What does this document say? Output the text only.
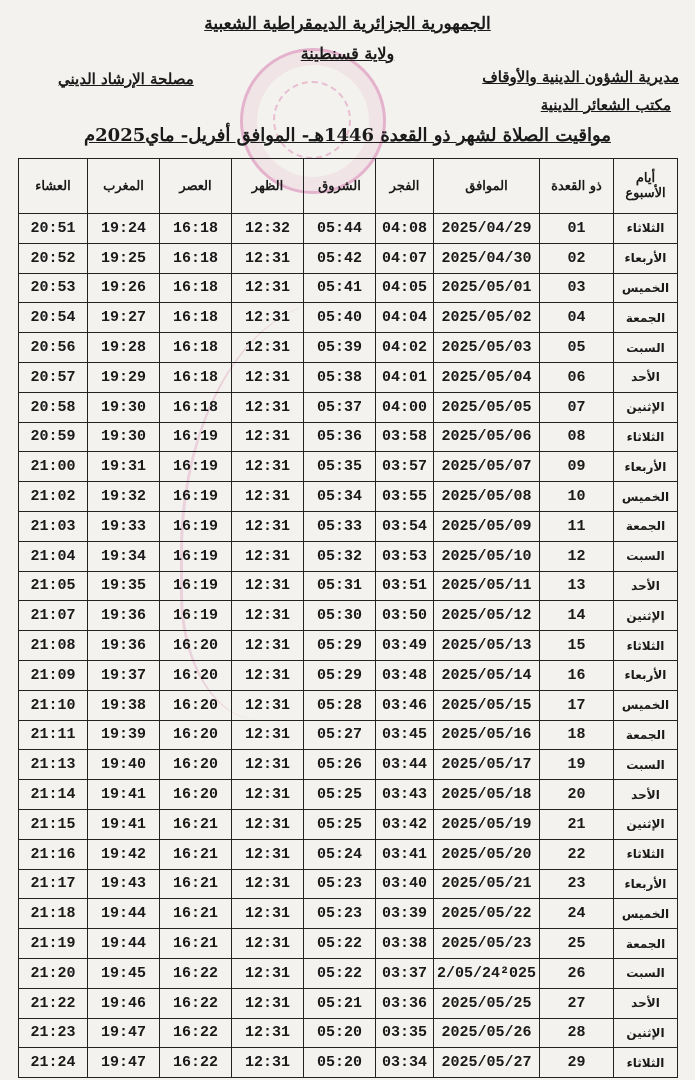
الجمهورية الجزائرية الديمقراطية الشعبية
ولاية قسنطينة
مصلحة الإرشاد الديني	مديرية الشؤون الدينية والأوقاف
مكتب الشعائر الدينية
مواقيت الصلاة لشهر ذو القعدة 1446هـ- الموافق أفريل- ماي2025م
أيام الأسبوع	ذو القعدة	الموافق	الفجر	الشروق	الظهر	العصر	المغرب	العشاء
الثلاثاء	01	2025/04/29	04:08	05:44	12:32	16:18	19:24	20:51
الأربعاء	02	2025/04/30	04:07	05:42	12:31	16:18	19:25	20:52
الخميس	03	2025/05/01	04:05	05:41	12:31	16:18	19:26	20:53
الجمعة	04	2025/05/02	04:04	05:40	12:31	16:18	19:27	20:54
السبت	05	2025/05/03	04:02	05:39	12:31	16:18	19:28	20:56
الأحد	06	2025/05/04	04:01	05:38	12:31	16:18	19:29	20:57
الإثنين	07	2025/05/05	04:00	05:37	12:31	16:18	19:30	20:58
الثلاثاء	08	2025/05/06	03:58	05:36	12:31	16:19	19:30	20:59
الأربعاء	09	2025/05/07	03:57	05:35	12:31	16:19	19:31	21:00
الخميس	10	2025/05/08	03:55	05:34	12:31	16:19	19:32	21:02
الجمعة	11	2025/05/09	03:54	05:33	12:31	16:19	19:33	21:03
السبت	12	2025/05/10	03:53	05:32	12:31	16:19	19:34	21:04
الأحد	13	2025/05/11	03:51	05:31	12:31	16:19	19:35	21:05
الإثنين	14	2025/05/12	03:50	05:30	12:31	16:19	19:36	21:07
الثلاثاء	15	2025/05/13	03:49	05:29	12:31	16:20	19:36	21:08
الأربعاء	16	2025/05/14	03:48	05:29	12:31	16:20	19:37	21:09
الخميس	17	2025/05/15	03:46	05:28	12:31	16:20	19:38	21:10
الجمعة	18	2025/05/16	03:45	05:27	12:31	16:20	19:39	21:11
السبت	19	2025/05/17	03:44	05:26	12:31	16:20	19:40	21:13
الأحد	20	2025/05/18	03:43	05:25	12:31	16:20	19:41	21:14
الإثنين	21	2025/05/19	03:42	05:25	12:31	16:21	19:41	21:15
الثلاثاء	22	2025/05/20	03:41	05:24	12:31	16:21	19:42	21:16
الأربعاء	23	2025/05/21	03:40	05:23	12:31	16:21	19:43	21:17
الخميس	24	2025/05/22	03:39	05:23	12:31	16:21	19:44	21:18
الجمعة	25	2025/05/23	03:38	05:22	12:31	16:21	19:44	21:19
السبت	26	2/05/24²025	03:37	05:22	12:31	16:22	19:45	21:20
الأحد	27	2025/05/25	03:36	05:21	12:31	16:22	19:46	21:22
الإثنين	28	2025/05/26	03:35	05:20	12:31	16:22	19:47	21:23
الثلاثاء	29	2025/05/27	03:34	05:20	12:31	16:22	19:47	21:24
